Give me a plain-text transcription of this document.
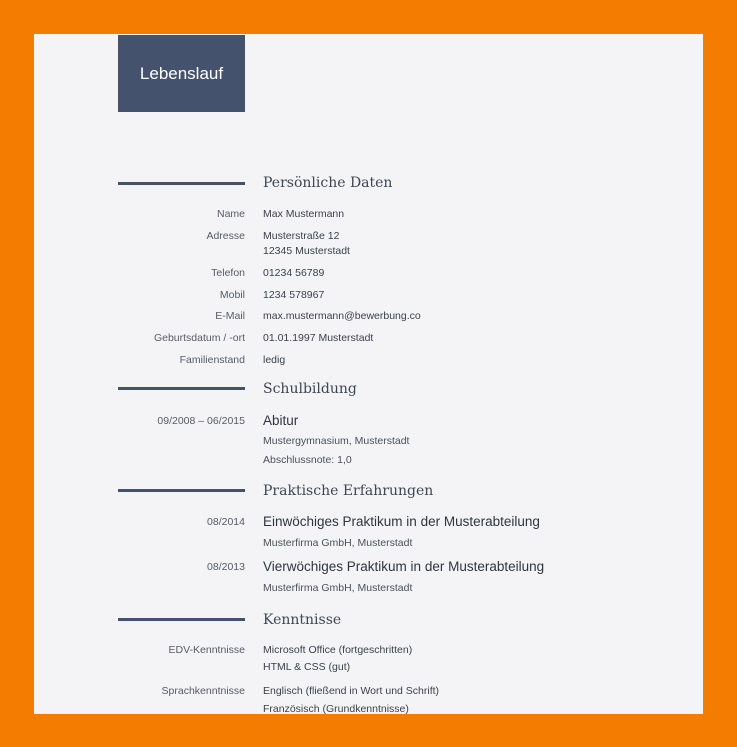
Lebenslauf
Persönliche Daten
Name Max Mustermann
Adresse Musterstraße 12
12345 Musterstadt
Telefon 01234 56789
Mobil 1234 578967
E-Mail max.mustermann@bewerbung.co
Geburtsdatum / -ort 01.01.1997 Musterstadt
Familienstand ledig
Schulbildung
09/2008 – 06/2015 Abitur
Mustergymnasium, Musterstadt
Abschlussnote: 1,0
Praktische Erfahrungen
08/2014 Einwöchiges Praktikum in der Musterabteilung
Musterfirma GmbH, Musterstadt
08/2013 Vierwöchiges Praktikum in der Musterabteilung
Musterfirma GmbH, Musterstadt
Kenntnisse
EDV-Kenntnisse Microsoft Office (fortgeschritten)
HTML & CSS (gut)
Sprachkenntnisse Englisch (fließend in Wort und Schrift)
Französisch (Grundkenntnisse)
